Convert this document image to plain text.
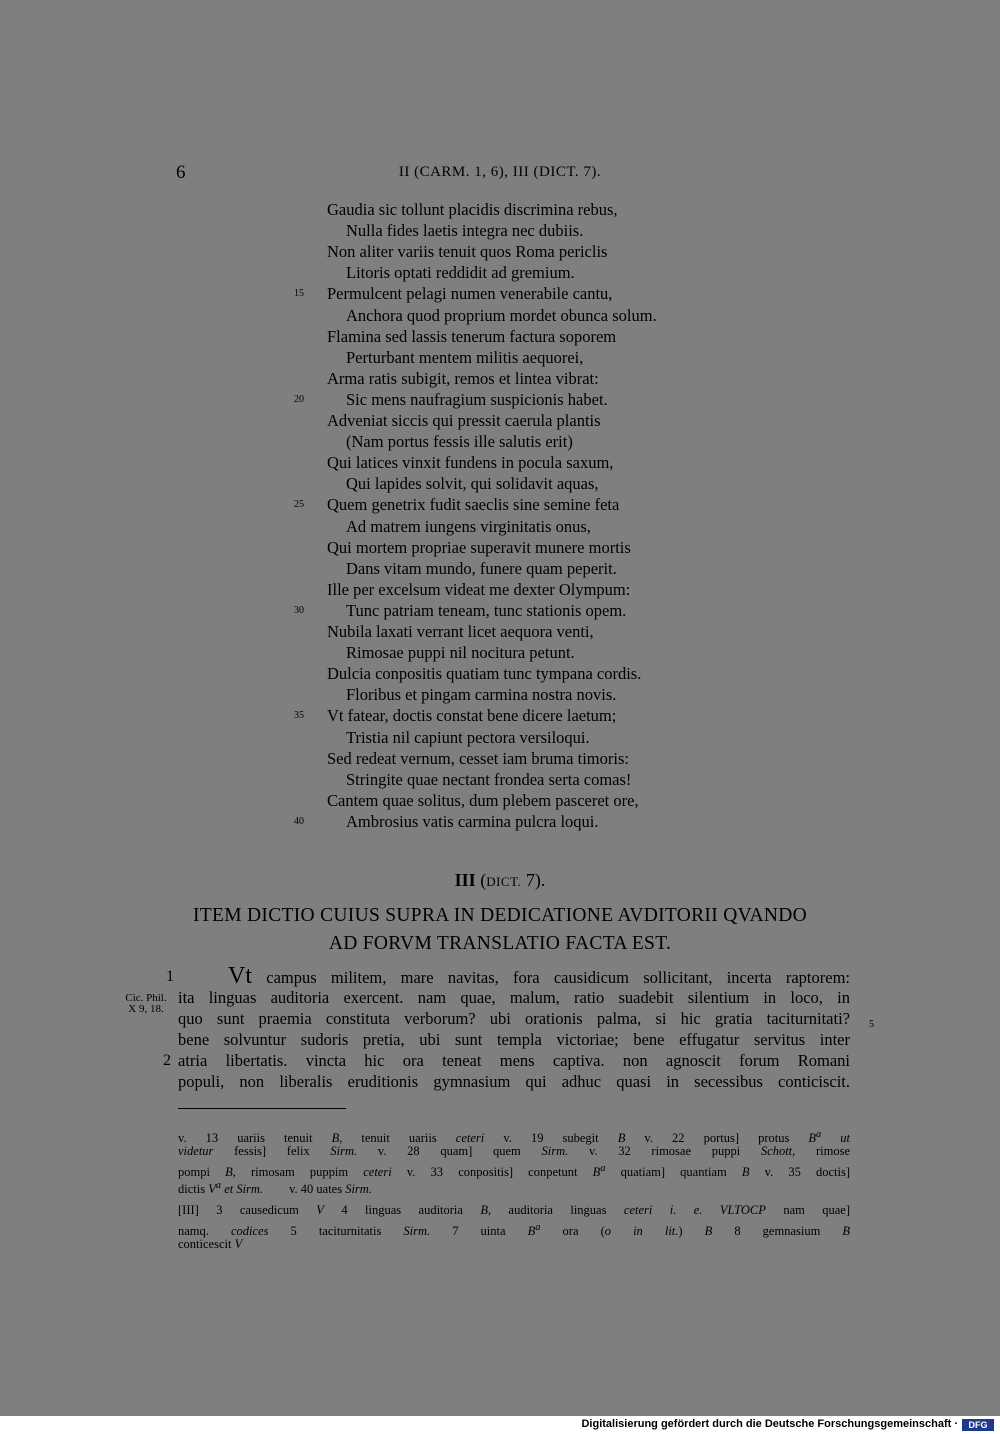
6	II (CARM. 1, 6), III (DICT. 7).
Gaudia sic tollunt placidis discrimina rebus,
Nulla fides laetis integra nec dubiis.
Non aliter variis tenuit quos Roma periclis
Litoris optati reddidit ad gremium.
15 Permulcent pelagi numen venerabile cantu,
Anchora quod proprium mordet obunca solum.
Flamina sed lassis tenerum factura soporem
Perturbant mentem militis aequorei,
Arma ratis subigit, remos et lintea vibrat:
20	Sic mens naufragium suspicionis habet.
Adveniat siccis qui pressit caerula plantis
(Nam portus fessis ille salutis erit)
Qui latices vinxit fundens in pocula saxum,
Qui lapides solvit, qui solidavit aquas,
25 Quem genetrix fudit saeclis sine semine feta
Ad matrem iungens virginitatis onus,
Qui mortem propriae superavit munere mortis
Dans vitam mundo, funere quam peperit.
Ille per excelsum videat me dexter Olympum:
30	Tunc patriam teneam, tunc stationis opem.
Nubila laxati verrant licet aequora venti,
Rimosae puppi nil nocitura petunt.
Dulcia conpositis quatiam tunc tympana cordis.
Floribus et pingam carmina nostra novis.
35 Vt fatear, doctis constat bene dicere laetum;
Tristia nil capiunt pectora versiloqui.
Sed redeat vernum, cesset iam bruma timoris:
Stringite quae nectant frondea serta comas!
Cantem quae solitus, dum plebem pasceret ore,
40	Ambrosius vatis carmina pulcra loqui.
III (DICT. 7).
ITEM DICTIO CUIUS SUPRA IN DEDICATIONE AVDITORII QVANDO
AD FORVM TRANSLATIO FACTA EST.
1
Cic. Phil. X 9, 18.
2
5
Vt campus militem, mare navitas, fora causidicum sollicitant, incerta raptorem:
ita linguas auditoria exercent. nam quae, malum, ratio suadebit silentium in loco, in
quo sunt praemia constituta verborum? ubi orationis palma, si hic gratia taciturnitati?
bene solvuntur sudoris pretia, ubi sunt templa victoriae; bene effugatur servitus inter
atria libertatis. vincta hic ora teneat mens captiva. non agnoscit forum Romani
populi, non liberalis eruditionis gymnasium qui adhuc quasi in secessibus conticiscit.
v. 13 uariis tenuit B, tenuit uariis ceteri v. 19 subegit B v. 22 portus] protus $B^a$ ut
videtur fessis] felix Sirm. v. 28 quam] quem Sirm. v. 32 rimosae puppi Schott, rimose
pompi B, rimosam puppim ceteri v. 33 conpositis] conpetunt $B^a$ quatiam] quantiam B v. 35 doctis]
dictis $V^a$ et Sirm. v. 40 uates Sirm.
[III] 3 causedicum V 4 linguas auditoria B, auditoria linguas ceteri i. e. VLTOCP nam quae]
namq. codices 5 taciturnitatis Sirm. 7 uinta $B^a$ ora (o in lit.) B 8 gemnasium B
conticescit V
Digitalisierung gefördert durch die Deutsche Forschungsgemeinschaft ·	DFG
